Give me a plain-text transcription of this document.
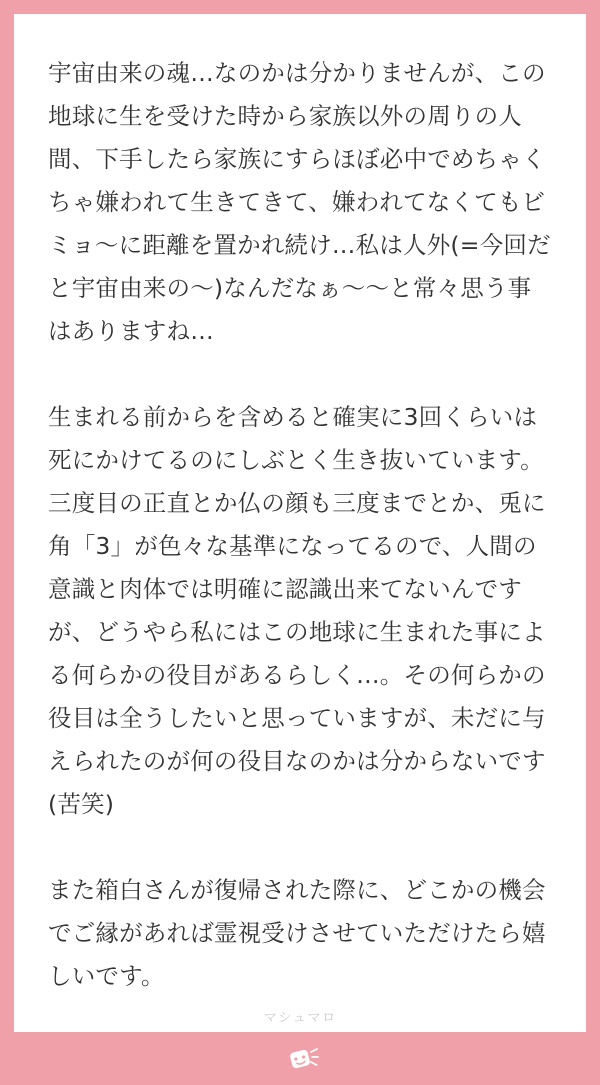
宇宙由来の魂…なのかは分かりませんが、この地球に生を受けた時から家族以外の周りの人間、下手したら家族にすらほぼ必中でめちゃくちゃ嫌われて生きてきて、嫌われてなくてもビミョ〜に距離を置かれ続け…私は人外(=今回だと宇宙由来の〜)なんだなぁ〜〜と常々思う事はありますね…

生まれる前からを含めると確実に3回くらいは死にかけてるのにしぶとく生き抜いています。三度目の正直とか仏の顔も三度までとか、兎に角「3」が色々な基準になってるので、人間の意識と肉体では明確に認識出来てないんですが、どうやら私にはこの地球に生まれた事による何らかの役目があるらしく…。その何らかの役目は全うしたいと思っていますが、未だに与えられたのが何の役目なのかは分からないです(苦笑)

また箱白さんが復帰された際に、どこかの機会でご縁があれば霊視受けさせていただけたら嬉しいです。

マシュマロ
